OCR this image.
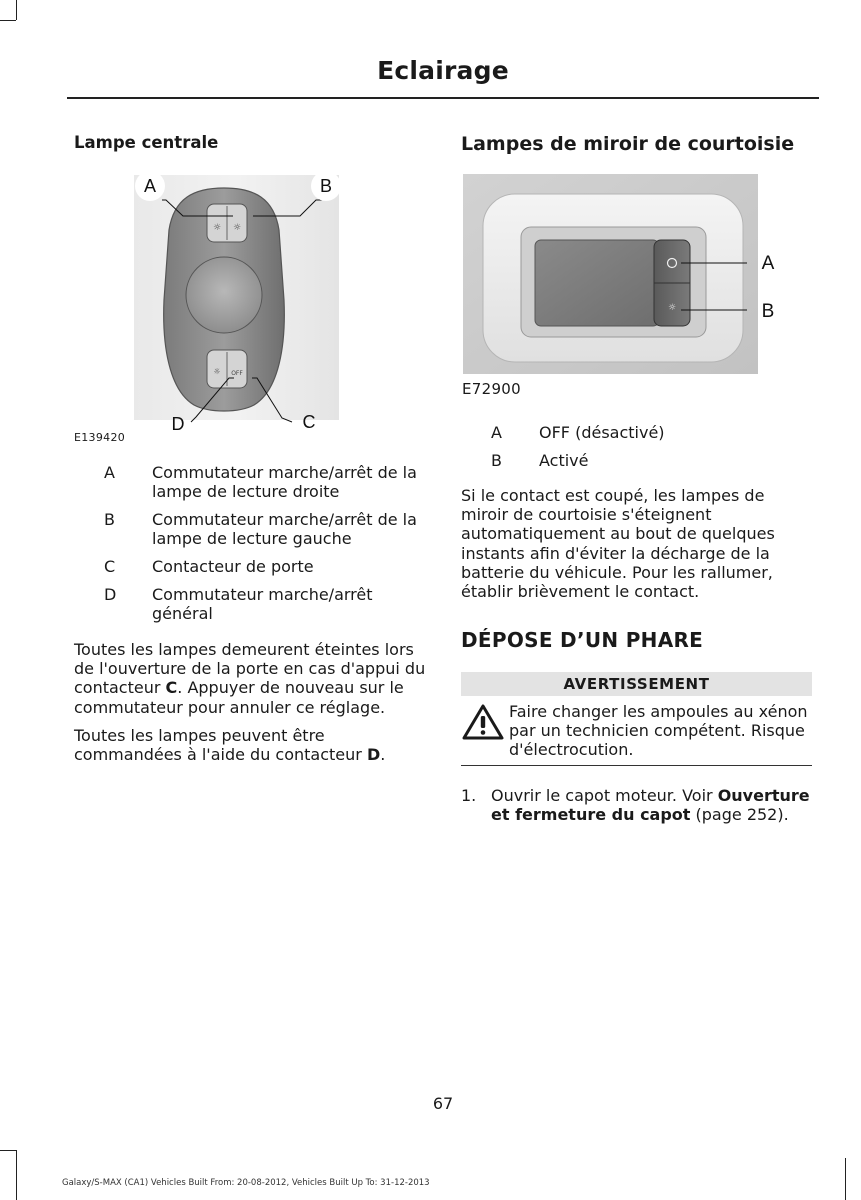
Eclairage
Lampe centrale
☼ ☼
☼ OFF
A	B
D	C
E139420
A Commutateur marche/arrêt de la lampe de lecture droite
B Commutateur marche/arrêt de la lampe de lecture gauche
C Contacteur de porte
D Commutateur marche/arrêt général

Toutes les lampes demeurent éteintes lors de l'ouverture de la porte en cas d'appui du contacteur C. Appuyer de nouveau sur le commutateur pour annuler ce réglage.

Toutes les lampes peuvent être commandées à l'aide du contacteur D.

Lampes de miroir de courtoisie
☼
A
B
E72900
A OFF (désactivé)
B Activé

Si le contact est coupé, les lampes de miroir de courtoisie s'éteignent automatiquement au bout de quelques instants afin d'éviter la décharge de la batterie du véhicule. Pour les rallumer, établir brièvement le contact.

DÉPOSE D’UN PHARE
AVERTISSEMENT

Faire changer les ampoules au xénon par un technicien compétent. Risque d'électrocution.

1. Ouvrir le capot moteur. Voir Ouverture et fermeture du capot (page 252).

67
Galaxy/S-MAX (CA1) Vehicles Built From: 20-08-2012, Vehicles Built Up To: 31-12-2013
